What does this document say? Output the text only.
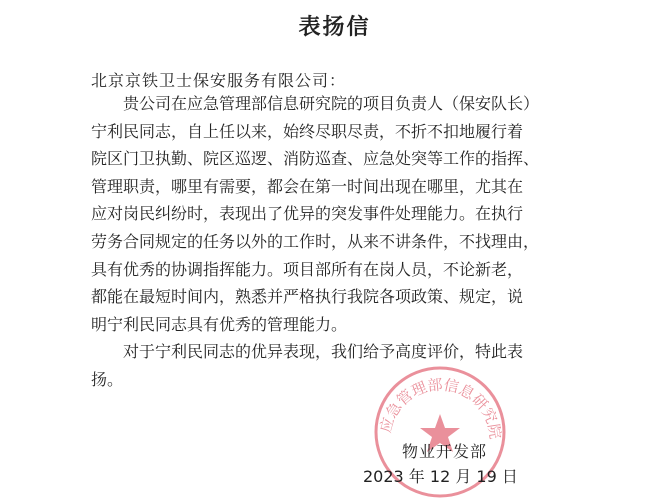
表扬信
北京京铁卫士保安服务有限公司：
贵公司在应急管理部信息研究院的项目负责人（保安队长）
宁利民同志，自上任以来，始终尽职尽责，不折不扣地履行着
院区门卫执勤、院区巡逻、消防巡查、应急处突等工作的指挥、
管理职责，哪里有需要，都会在第一时间出现在哪里，尤其在
应对岗民纠纷时，表现出了优异的突发事件处理能力。在执行
劳务合同规定的任务以外的工作时，从来不讲条件，不找理由，
具有优秀的协调指挥能力。项目部所有在岗人员，不论新老，
都能在最短时间内，熟悉并严格执行我院各项政策、规定，说
明宁利民同志具有优秀的管理能力。
对于宁利民同志的优异表现，我们给予高度评价，特此表
扬。
应急管理部信息研究院
物业开发部
2023 年 12 月 19 日
